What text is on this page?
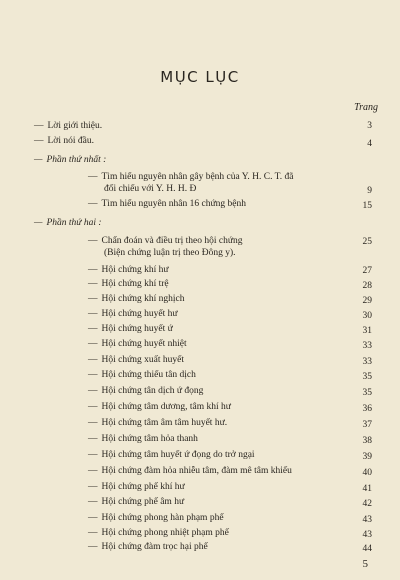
MỤC LỤC
Trang
— Lời giới thiệu.	3
— Lời nói đầu.	4
— Phần thứ nhất :
— Tìm hiểu nguyên nhân gây bệnh của Y. H. C. T. đã
đối chiếu với Y. H. H. Đ	9
— Tìm hiểu nguyên nhân 16 chứng bệnh	15
— Phần thứ hai :
— Chẩn đoán và điều trị theo hội chứng	25
(Biện chứng luận trị theo Đông y).
— Hội chứng khí hư	27
— Hội chứng khí trệ	28
— Hội chứng khí nghịch	29
— Hội chứng huyết hư	30
— Hội chứng huyết ứ	31
— Hội chứng huyết nhiệt	33
— Hội chứng xuất huyết	33
— Hội chứng thiếu tân dịch	35
— Hội chứng tân dịch ứ đọng	35
— Hội chứng tâm dương, tâm khí hư	36
— Hội chứng tâm âm tâm huyết hư.	37
— Hội chứng tâm hỏa thanh	38
— Hội chứng tâm huyết ứ đọng do trở ngại	39
— Hội chứng đàm hỏa nhiễu tâm, đàm mê tâm khiếu	40
— Hội chứng phế khí hư	41
— Hội chứng phế âm hư	42
— Hội chứng phong hàn phạm phế	43
— Hội chứng phong nhiệt phạm phế	43
— Hội chứng đàm trọc hại phế	44
5
